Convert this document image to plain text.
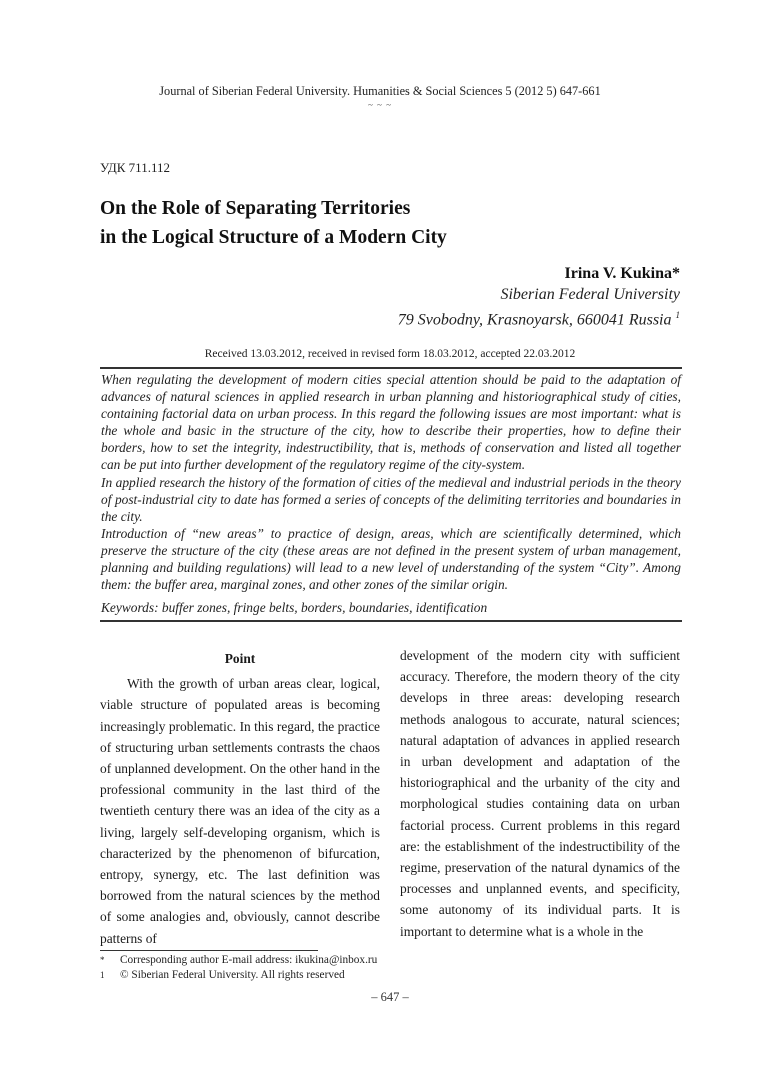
Journal of Siberian Federal University. Humanities & Social Sciences 5 (2012 5) 647-661
~ ~ ~
УДК 711.112
On the Role of Separating Territories
in the Logical Structure of a Modern City
Irina V. Kukina*
Siberian Federal University
79 Svobodny, Krasnoyarsk, 660041 Russia $^1$
Received 13.03.2012, received in revised form 18.03.2012, accepted 22.03.2012

When regulating the development of modern cities special attention should be paid to the adaptation of advances of natural sciences in applied research in urban planning and historiographical study of cities, containing factorial data on urban process. In this regard the following issues are most important: what is the whole and basic in the structure of the city, how to describe their properties, how to define their borders, how to set the integrity, indestructibility, that is, methods of conservation and listed all together can be put into further development of the regulatory regime of the city-system.

In applied research the history of the formation of cities of the medieval and industrial periods in the theory of post-industrial city to date has formed a series of concepts of the delimiting territories and boundaries in the city.

Introduction of “new areas” to practice of design, areas, which are scientifically determined, which preserve the structure of the city (these areas are not defined in the present system of urban management, planning and building regulations) will lead to a new level of understanding of the system “City”. Among them: the buffer area, marginal zones, and other zones of the similar origin.

Keywords: buffer zones, fringe belts, borders, boundaries, identification
Point

With the growth of urban areas clear, logical, viable structure of populated areas is becoming increasingly problematic. In this regard, the practice of structuring urban settlements contrasts the chaos of unplanned development. On the other hand in the professional community in the last third of the twentieth century there was an idea of the city as a living, largely self-developing organism, which is characterized by the phenomenon of bifurcation, entropy, synergy, etc. The last definition was borrowed from the natural sciences by the method of some analogies and, obviously, cannot describe patterns of

development of the modern city with sufficient accuracy. Therefore, the modern theory of the city develops in three areas: developing research methods analogous to accurate, natural sciences; natural adaptation of advances in applied research in urban development and adaptation of the historiographical and the urbanity of the city and morphological studies containing data on urban factorial process. Current problems in this regard are: the establishment of the indestructibility of the regime, preservation of the natural dynamics of the processes and unplanned events, and specificity, some autonomy of its individual parts. It is important to determine what is a whole in the

*	Corresponding author E-mail address: ikukina@inbox.ru
1	© Siberian Federal University. All rights reserved
– 647 –
